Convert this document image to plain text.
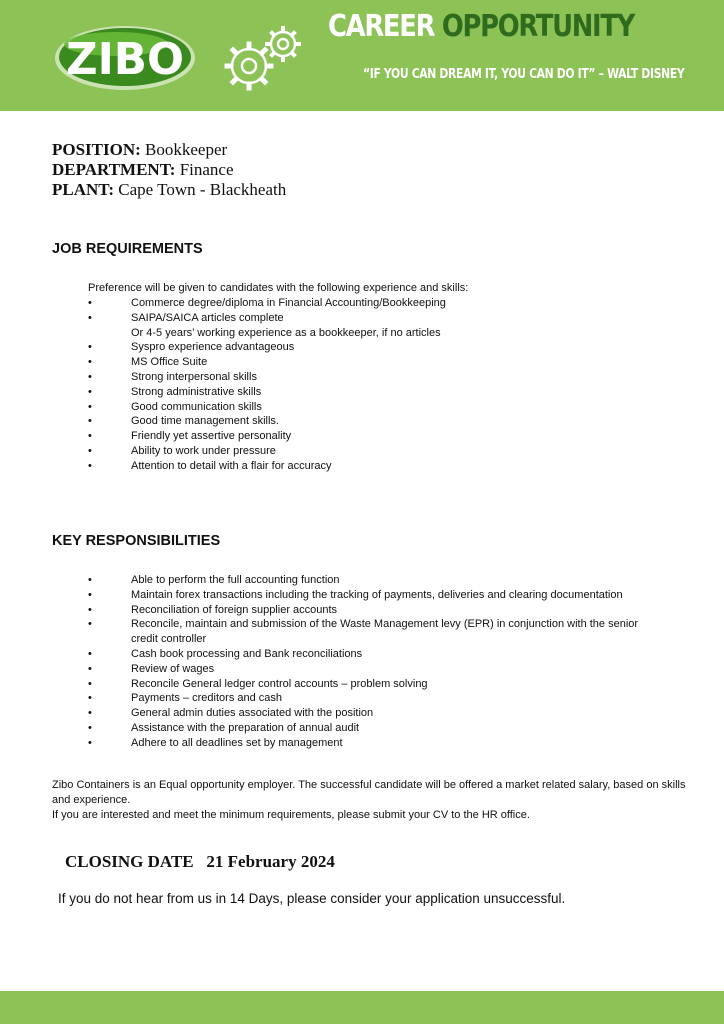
ZIBO
CAREER OPPORTUNITY
“IF YOU CAN DREAM IT, YOU CAN DO IT” – WALT DISNEY
POSITION: Bookkeeper
DEPARTMENT: Finance
PLANT: Cape Town - Blackheath
JOB REQUIREMENTS
Preference will be given to candidates with the following experience and skills:
• Commerce degree/diploma in Financial Accounting/Bookkeeping
• SAIPA/SAICA articles complete
Or 4-5 years’ working experience as a bookkeeper, if no articles
• Syspro experience advantageous
• MS Office Suite
• Strong interpersonal skills
• Strong administrative skills
• Good communication skills
• Good time management skills.
• Friendly yet assertive personality
• Ability to work under pressure
• Attention to detail with a flair for accuracy
KEY RESPONSIBILITIES
• Able to perform the full accounting function
• Maintain forex transactions including the tracking of payments, deliveries and clearing documentation
• Reconciliation of foreign supplier accounts
• Reconcile, maintain and submission of the Waste Management levy (EPR) in conjunction with the senior credit controller
• Cash book processing and Bank reconciliations
• Review of wages
• Reconcile General ledger control accounts – problem solving
• Payments – creditors and cash
• General admin duties associated with the position
• Assistance with the preparation of annual audit
• Adhere to all deadlines set by management
Zibo Containers is an Equal opportunity employer. The successful candidate will be offered a market related salary, based on skills and experience.
If you are interested and meet the minimum requirements, please submit your CV to the HR office.
CLOSING DATE 21 February 2024
If you do not hear from us in 14 Days, please consider your application unsuccessful.
